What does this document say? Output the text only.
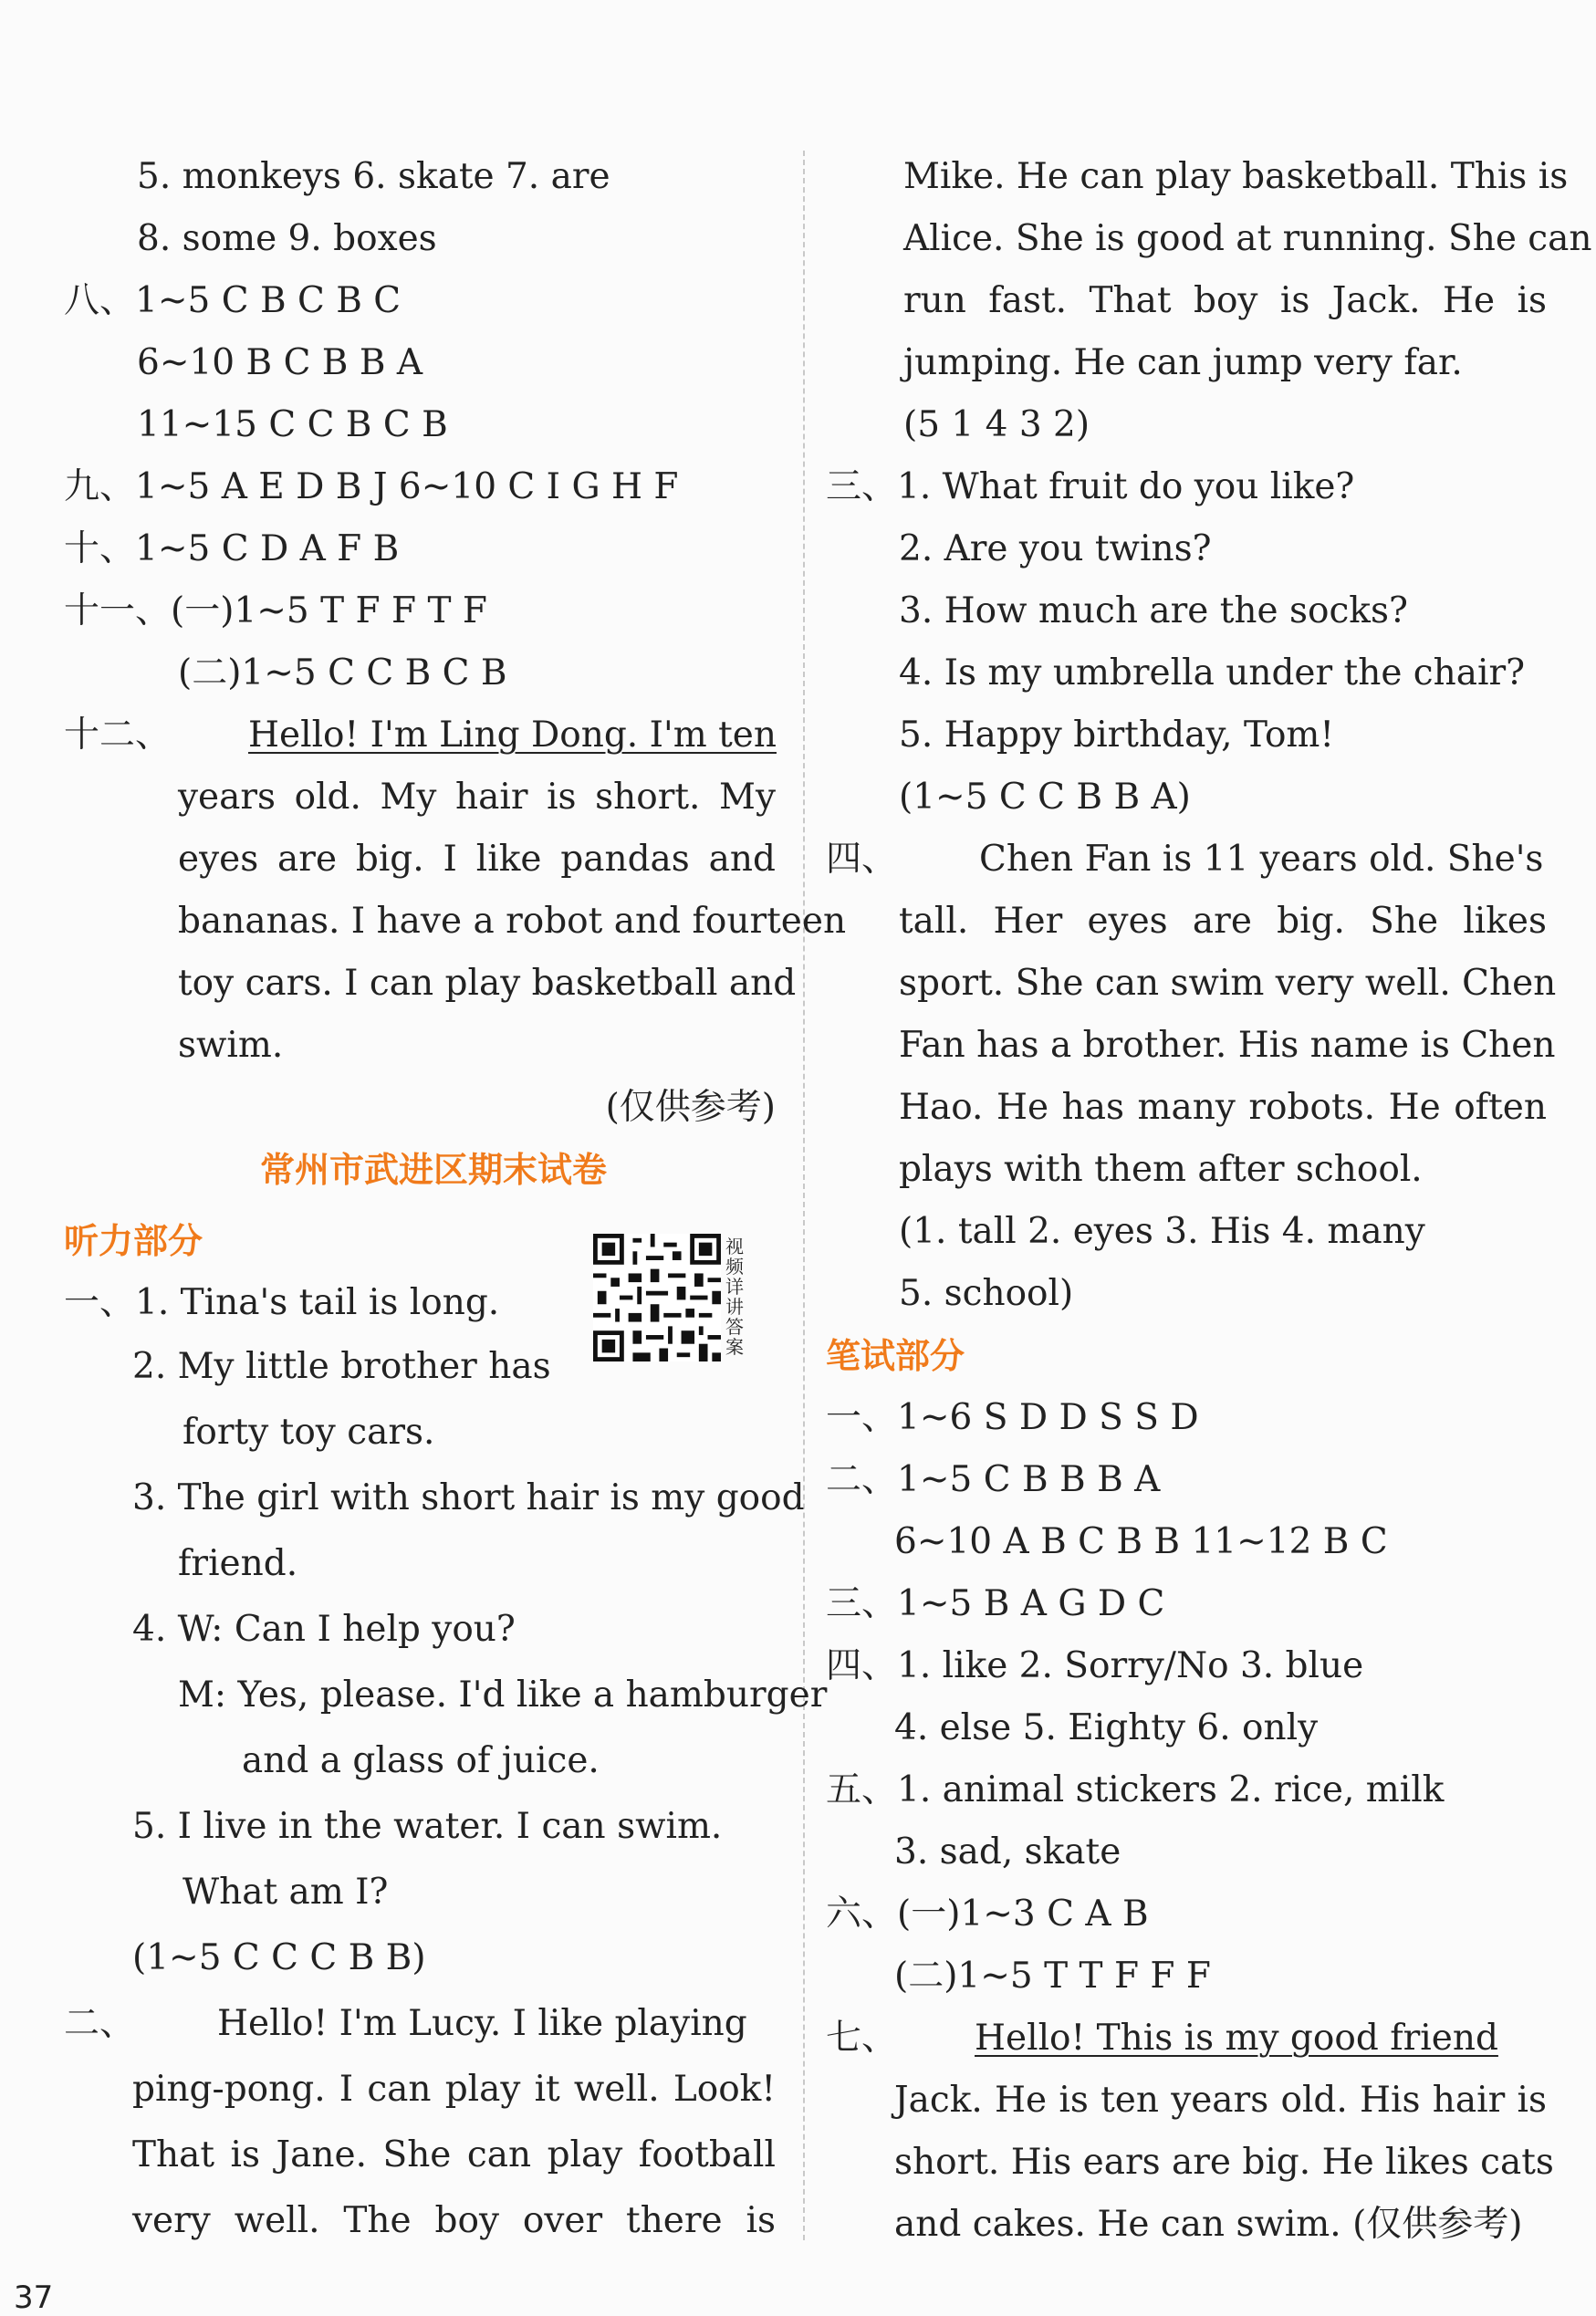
5. monkeys 6. skate 7. are
8. some 9. boxes
八、1~5 C B C B C
6~10 B C B B A
11~15 C C B C B
九、1~5 A E D B J 6~10 C I G H F
十、1~5 C D A F B
十一、(一)1~5 T F F T F
(二)1~5 C C B C B
十二、 Hello! I'm Ling Dong. I'm ten
years old. My hair is short. My
eyes are big. I like pandas and
bananas. I have a robot and fourteen
toy cars. I can play basketball and
swim.
(仅供参考)
常州市武进区期末试卷
听力部分
一、1. Tina's tail is long.
2. My little brother has
forty toy cars.
3. The girl with short hair is my good
friend.
4. W: Can I help you?
M: Yes, please. I'd like a hamburger
and a glass of juice.
5. I live in the water. I can swim.
What am I?
(1~5 C C C B B)
二、 Hello! I'm Lucy. I like playing
ping-pong. I can play it well. Look!
That is Jane. She can play football
very well. The boy over there is
视频详讲答案
Mike. He can play basketball. This is
Alice. She is good at running. She can
run fast. That boy is Jack. He is
jumping. He can jump very far.
(5 1 4 3 2)
三、1. What fruit do you like?
2. Are you twins?
3. How much are the socks?
4. Is my umbrella under the chair?
5. Happy birthday, Tom!
(1~5 C C B B A)
四、 Chen Fan is 11 years old. She's
tall. Her eyes are big. She likes
sport. She can swim very well. Chen
Fan has a brother. His name is Chen
Hao. He has many robots. He often
plays with them after school.
(1. tall 2. eyes 3. His 4. many
5. school)
笔试部分
一、1~6 S D D S S D
二、1~5 C B B B A
6~10 A B C B B 11~12 B C
三、1~5 B A G D C
四、1. like 2. Sorry/No 3. blue
4. else 5. Eighty 6. only
五、1. animal stickers 2. rice, milk
3. sad, skate
六、(一)1~3 C A B
(二)1~5 T T F F F
七、 Hello! This is my good friend
Jack. He is ten years old. His hair is
short. His ears are big. He likes cats
and cakes. He can swim. (仅供参考)
37
